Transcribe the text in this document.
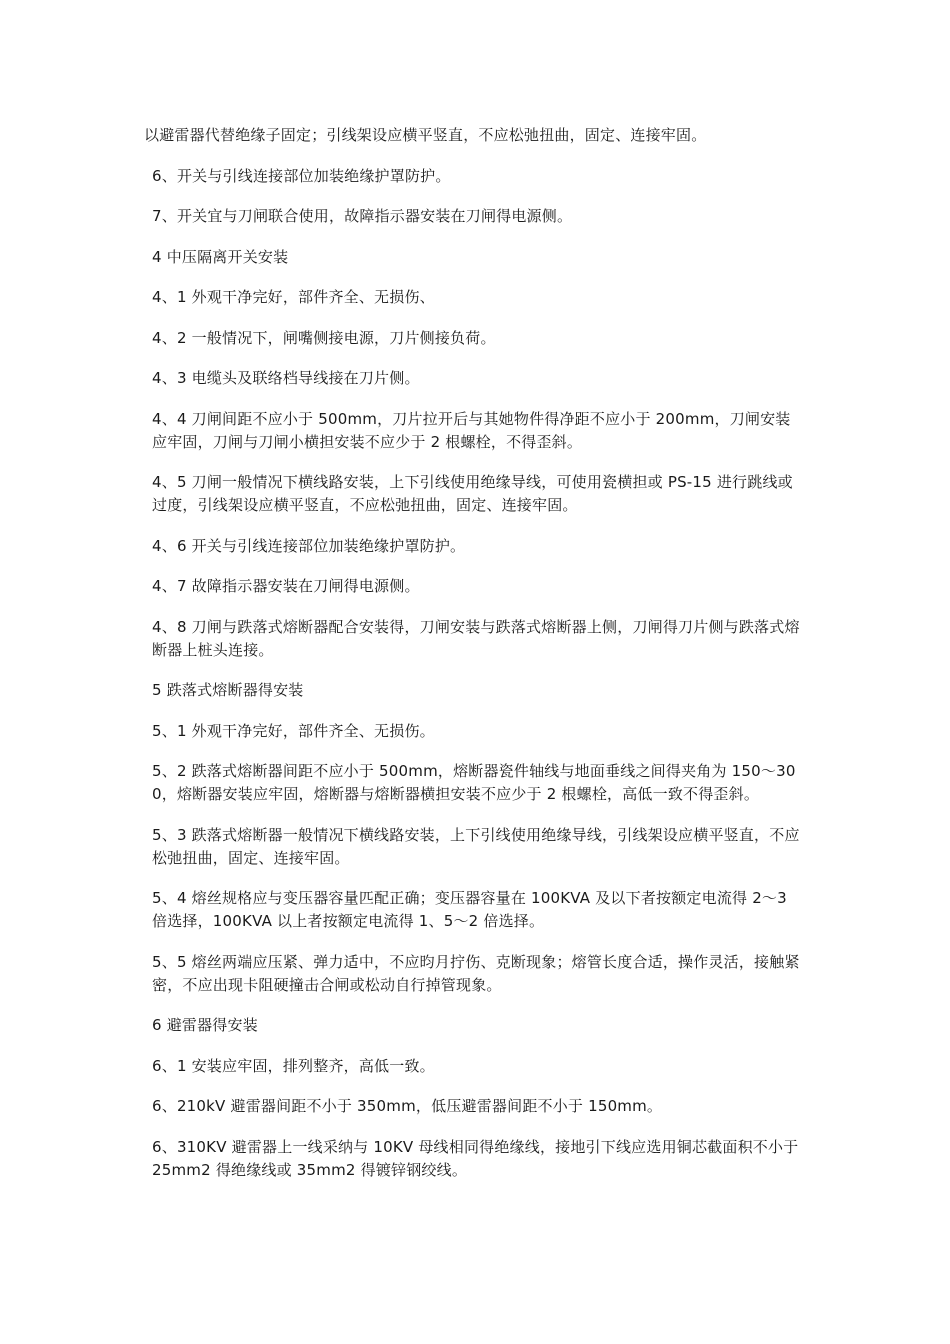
以避雷器代替绝缘子固定；引线架设应横平竖直，不应松弛扭曲，固定、连接牢固。

6、开关与引线连接部位加装绝缘护罩防护。

7、开关宜与刀闸联合使用，故障指示器安装在刀闸得电源侧。

4 中压隔离开关安装

4、1 外观干净完好，部件齐全、无损伤、

4、2 一般情况下，闸嘴侧接电源，刀片侧接负荷。

4、3 电缆头及联络档导线接在刀片侧。

4、4 刀闸间距不应小于 500mm，刀片拉开后与其她物件得净距不应小于 200mm，刀闸安装应牢固，刀闸与刀闸小横担安装不应少于 2 根螺栓，不得歪斜。

4、5 刀闸一般情况下横线路安装，上下引线使用绝缘导线，可使用瓷横担或 PS-15 进行跳线或过度，引线架设应横平竖直，不应松弛扭曲，固定、连接牢固。

4、6 开关与引线连接部位加装绝缘护罩防护。

4、7 故障指示器安装在刀闸得电源侧。

4、8 刀闸与跌落式熔断器配合安装得，刀闸安装与跌落式熔断器上侧，刀闸得刀片侧与跌落式熔断器上桩头连接。

5 跌落式熔断器得安装

5、1 外观干净完好，部件齐全、无损伤。

5、2 跌落式熔断器间距不应小于 500mm，熔断器瓷件轴线与地面垂线之间得夹角为 150～300，熔断器安装应牢固，熔断器与熔断器横担安装不应少于 2 根螺栓，高低一致不得歪斜。

5、3 跌落式熔断器一般情况下横线路安装，上下引线使用绝缘导线，引线架设应横平竖直，不应松弛扭曲，固定、连接牢固。

5、4 熔丝规格应与变压器容量匹配正确；变压器容量在 100KVA 及以下者按额定电流得 2～3 倍选择，100KVA 以上者按额定电流得 1、5～2 倍选择。

5、5 熔丝两端应压紧、弹力适中，不应昀月拧伤、克断现象；熔管长度合适，操作灵活，接触紧密，不应出现卡阻硬撞击合闸或松动自行掉管现象。

6 避雷器得安装

6、1 安装应牢固，排列整齐，高低一致。

6、210kV 避雷器间距不小于 350mm，低压避雷器间距不小于 150mm。

6、310KV 避雷器上一线采纳与 10KV 母线相同得绝缘线，接地引下线应选用铜芯截面积不小于 25mm2 得绝缘线或 35mm2 得镀锌钢绞线。
